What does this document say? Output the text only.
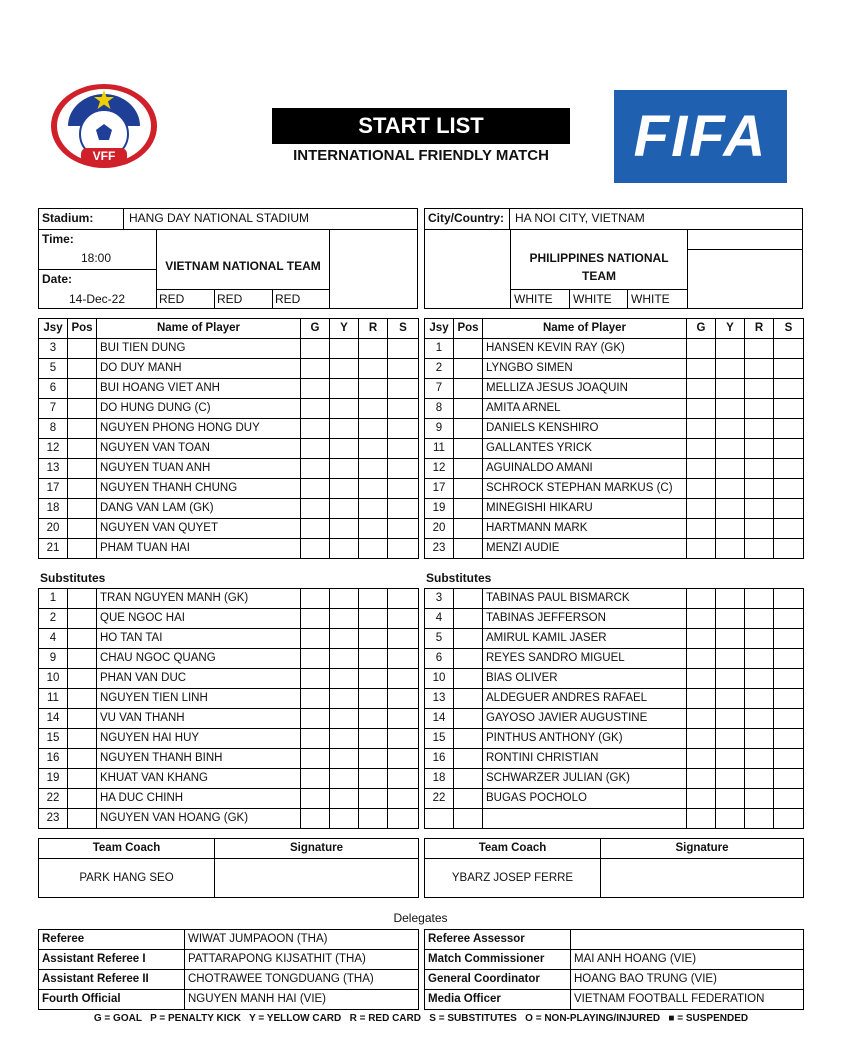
VFF
START LIST
INTERNATIONAL FRIENDLY MATCH	FIFA
Stadium:	HANG DAY NATIONAL STADIUM
Time:
18:00
Date:
14-Dec-22
VIETNAM NATIONAL TEAM
RED	RED	RED
City/Country: HA NOI CITY, VIETNAM
PHILIPPINES NATIONAL TEAM
WHITE WHITE WHITE
Jsy	Pos	Name of Player	G	Y	R	S
3		BUI TIEN DUNG				
5		DO DUY MANH				
6		BUI HOANG VIET ANH				
7		DO HUNG DUNG (C)				
8		NGUYEN PHONG HONG DUY				
12		NGUYEN VAN TOAN				
13		NGUYEN TUAN ANH				
17		NGUYEN THANH CHUNG				
18		DANG VAN LAM (GK)				
20		NGUYEN VAN QUYET				
21		PHAM TUAN HAI				
Jsy	Pos	Name of Player	G	Y	R	S
1		HANSEN KEVIN RAY (GK)				
2		LYNGBO SIMEN				
7		MELLIZA JESUS JOAQUIN				
8		AMITA ARNEL				
9		DANIELS KENSHIRO				
11		GALLANTES YRICK				
12		AGUINALDO AMANI				
17		SCHROCK STEPHAN MARKUS (C)				
19		MINEGISHI HIKARU				
20		HARTMANN MARK				
23		MENZI AUDIE				
Substitutes	Substitutes
1		TRAN NGUYEN MANH (GK)				
2		QUE NGOC HAI				
4		HO TAN TAI				
9		CHAU NGOC QUANG				
10		PHAN VAN DUC				
11		NGUYEN TIEN LINH				
14		VU VAN THANH				
15		NGUYEN HAI HUY				
16		NGUYEN THANH BINH				
19		KHUAT VAN KHANG				
22		HA DUC CHINH				
23		NGUYEN VAN HOANG (GK)				
3		TABINAS PAUL BISMARCK				
4		TABINAS JEFFERSON				
5		AMIRUL KAMIL JASER				
6		REYES SANDRO MIGUEL				
10		BIAS OLIVER				
13		ALDEGUER ANDRES RAFAEL				
14		GAYOSO JAVIER AUGUSTINE				
15		PINTHUS ANTHONY (GK)				
16		RONTINI CHRISTIAN				
18		SCHWARZER JULIAN (GK)				
22		BUGAS POCHOLO				

Team Coach	Signature
PARK HANG SEO	
Team Coach	Signature
YBARZ JOSEP FERRE	
Delegates
Referee	WIWAT JUMPAOON (THA)
Assistant Referee I	PATTARAPONG KIJSATHIT (THA)
Assistant Referee II	CHOTRAWEE TONGDUANG (THA)
Fourth Official	NGUYEN MANH HAI (VIE)
Referee Assessor	
Match Commissioner	MAI ANH HOANG (VIE)
General Coordinator	HOANG BAO TRUNG (VIE)
Media Officer	VIETNAM FOOTBALL FEDERATION
G = GOAL   P = PENALTY KICK   Y = YELLOW CARD   R = RED CARD   S = SUBSTITUTES   O = NON-PLAYING/INJURED   ■ = SUSPENDED
